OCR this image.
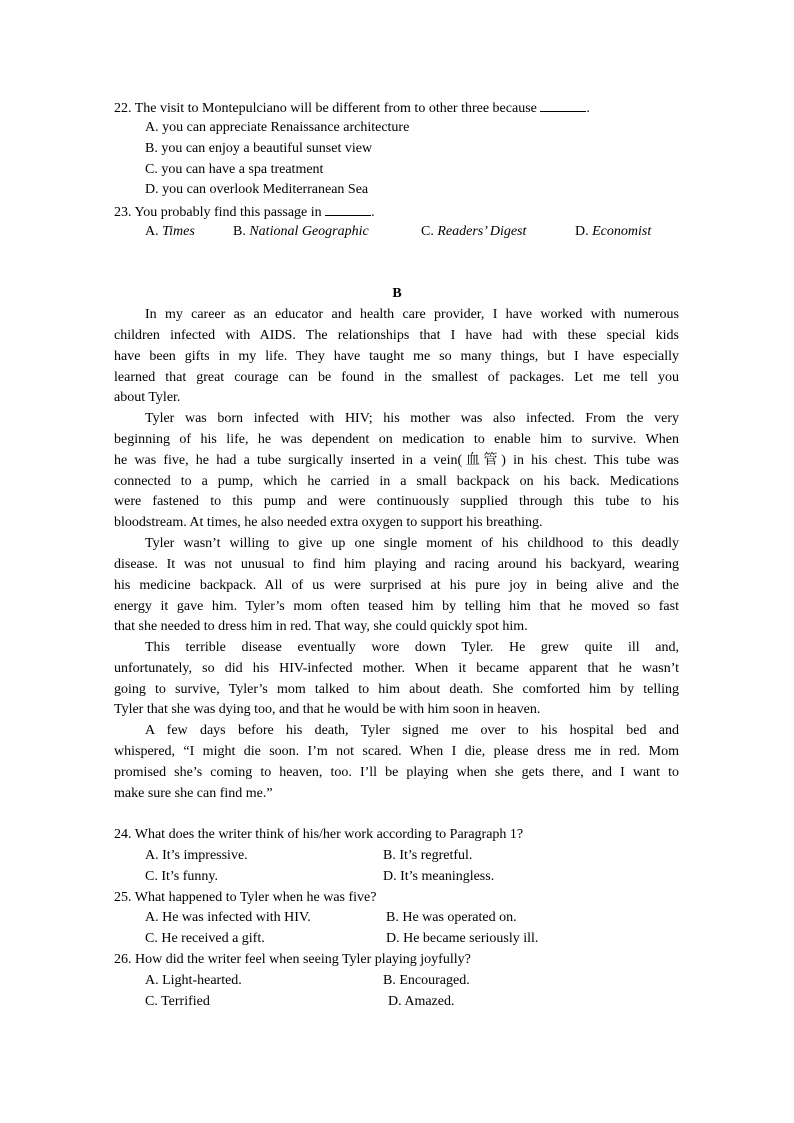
22. The visit to Montepulciano will be different from to other three because	.
A. you can appreciate Renaissance architecture
B. you can enjoy a beautiful sunset view
C. you can have a spa treatment
D. you can overlook Mediterranean Sea
23. You probably find this passage in	.
A. Times	B. National Geographic	C. Readers’ Digest	D. Economist
B
In my career as an educator and health care provider, I have worked with numerous
children infected with AIDS. The relationships that I have had with these special kids
have been gifts in my life. They have taught me so many things, but I have especially
learned that great courage can be found in the smallest of packages. Let me tell you
about Tyler.
Tyler was born infected with HIV; his mother was also infected. From the very
beginning of his life, he was dependent on medication to enable him to survive. When
he was five, he had a tube surgically inserted in a vein(血管) in his chest. This tube was
connected to a pump, which he carried in a small backpack on his back. Medications
were fastened to this pump and were continuously supplied through this tube to his
bloodstream. At times, he also needed extra oxygen to support his breathing.
Tyler wasn’t willing to give up one single moment of his childhood to this deadly
disease. It was not unusual to find him playing and racing around his backyard, wearing
his medicine backpack. All of us were surprised at his pure joy in being alive and the
energy it gave him. Tyler’s mom often teased him by telling him that he moved so fast
that she needed to dress him in red. That way, she could quickly spot him.
This terrible disease eventually wore down Tyler. He grew quite ill and,
unfortunately, so did his HIV-infected mother. When it became apparent that he wasn’t
going to survive, Tyler’s mom talked to him about death. She comforted him by telling
Tyler that she was dying too, and that he would be with him soon in heaven.
A few days before his death, Tyler signed me over to his hospital bed and
whispered, “I might die soon. I’m not scared. When I die, please dress me in red. Mom
promised she’s coming to heaven, too. I’ll be playing when she gets there, and I want to
make sure she can find me.”
24. What does the writer think of his/her work according to Paragraph 1?
A. It’s impressive.	B. It’s regretful.
C. It’s funny.	D. It’s meaningless.
25. What happened to Tyler when he was five?
A. He was infected with HIV.	B. He was operated on.
C. He received a gift.	D. He became seriously ill.
26. How did the writer feel when seeing Tyler playing joyfully?
A. Light-hearted.	B. Encouraged.
C. Terrified	D. Amazed.
